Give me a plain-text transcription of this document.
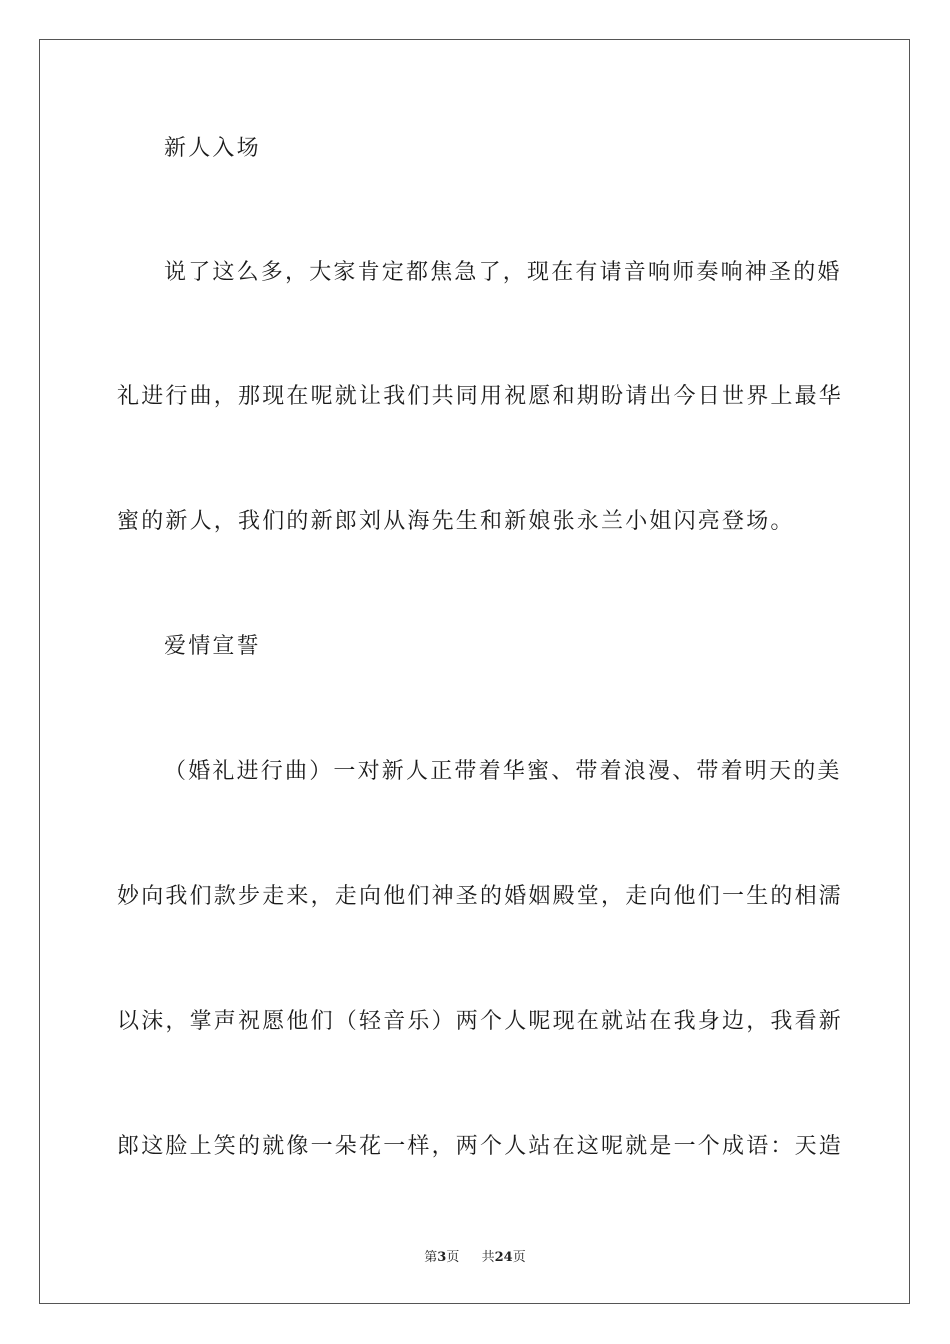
新人入场
说了这么多，大家肯定都焦急了，现在有请音响师奏响神圣的婚
礼进行曲，那现在呢就让我们共同用祝愿和期盼请出今日世界上最华
蜜的新人，我们的新郎刘从海先生和新娘张永兰小姐闪亮登场。
爱情宣誓
（婚礼进行曲）一对新人正带着华蜜、带着浪漫、带着明天的美
妙向我们款步走来，走向他们神圣的婚姻殿堂，走向他们一生的相濡
以沫，掌声祝愿他们（轻音乐）两个人呢现在就站在我身边，我看新
郎这脸上笑的就像一朵花一样，两个人站在这呢就是一个成语：天造
第3页 共24页
